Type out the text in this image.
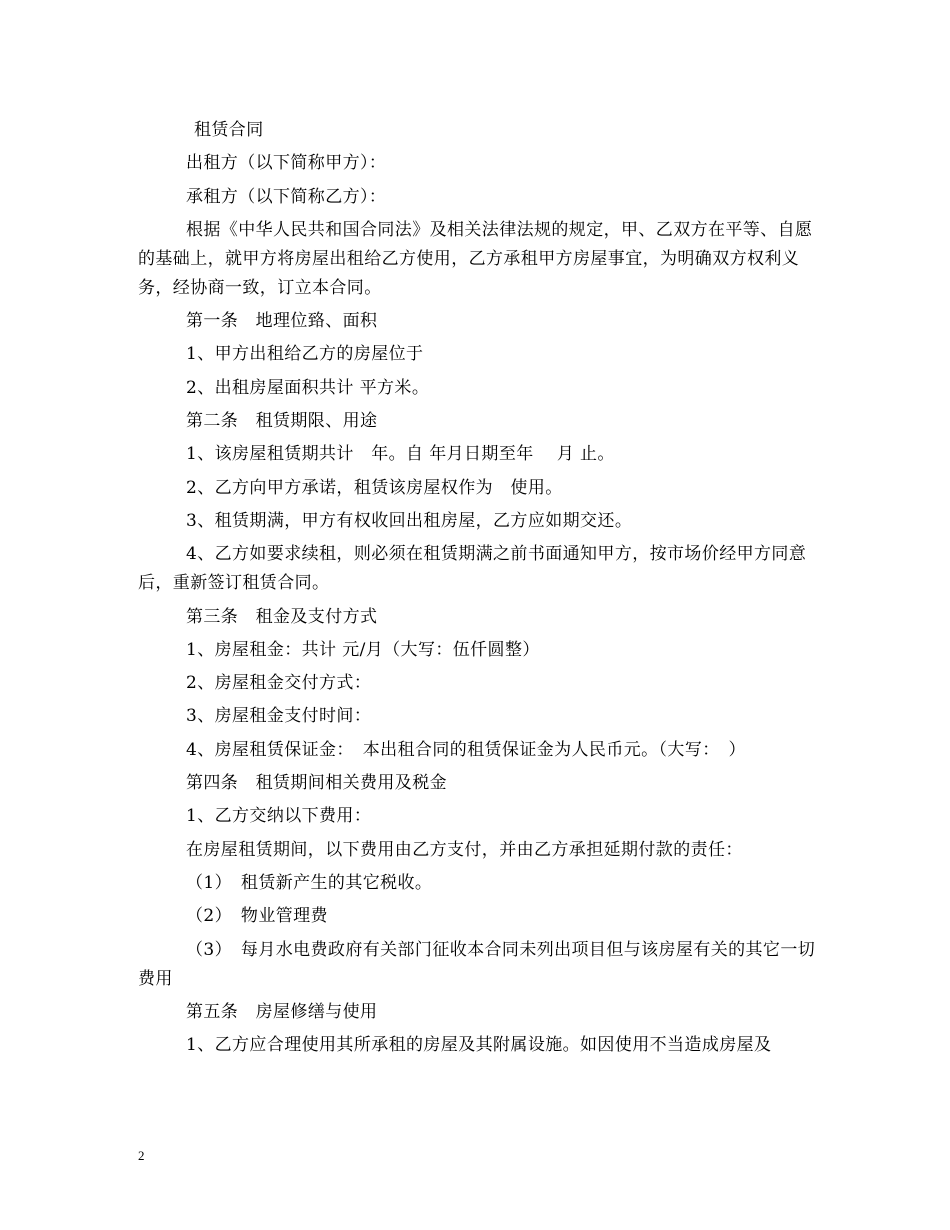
租赁合同

出租方（以下简称甲方）：

承租方（以下简称乙方）：

根据《中华人民共和国合同法》及相关法律法规的规定，甲、乙双方在平等、自愿的基础上，就甲方将房屋出租给乙方使用，乙方承租甲方房屋事宜，为明确双方权利义务，经协商一致，订立本合同。

第一条　地理位臵、面积

1、甲方出租给乙方的房屋位于

2、出租房屋面积共计 平方米。

第二条　租赁期限、用途

1、该房屋租赁期共计　年。自 年月日期至年　 月 止。

2、乙方向甲方承诺，租赁该房屋权作为　使用。

3、租赁期满，甲方有权收回出租房屋，乙方应如期交还。

4、乙方如要求续租，则必须在租赁期满之前书面通知甲方，按市场价经甲方同意后，重新签订租赁合同。

第三条　租金及支付方式

1、房屋租金：共计 元/月（大写：伍仟圆整）

2、房屋租金交付方式：

3、房屋租金支付时间：

4、房屋租赁保证金：　本出租合同的租赁保证金为人民币元。（大写：　）

第四条　租赁期间相关费用及税金

1、乙方交纳以下费用：

在房屋租赁期间，以下费用由乙方支付，并由乙方承担延期付款的责任：

（1）　租赁新产生的其它税收。

（2）　物业管理费

（3）　每月水电费政府有关部门征收本合同未列出项目但与该房屋有关的其它一切费用

第五条　房屋修缮与使用

1、乙方应合理使用其所承租的房屋及其附属设施。如因使用不当造成房屋及

2
